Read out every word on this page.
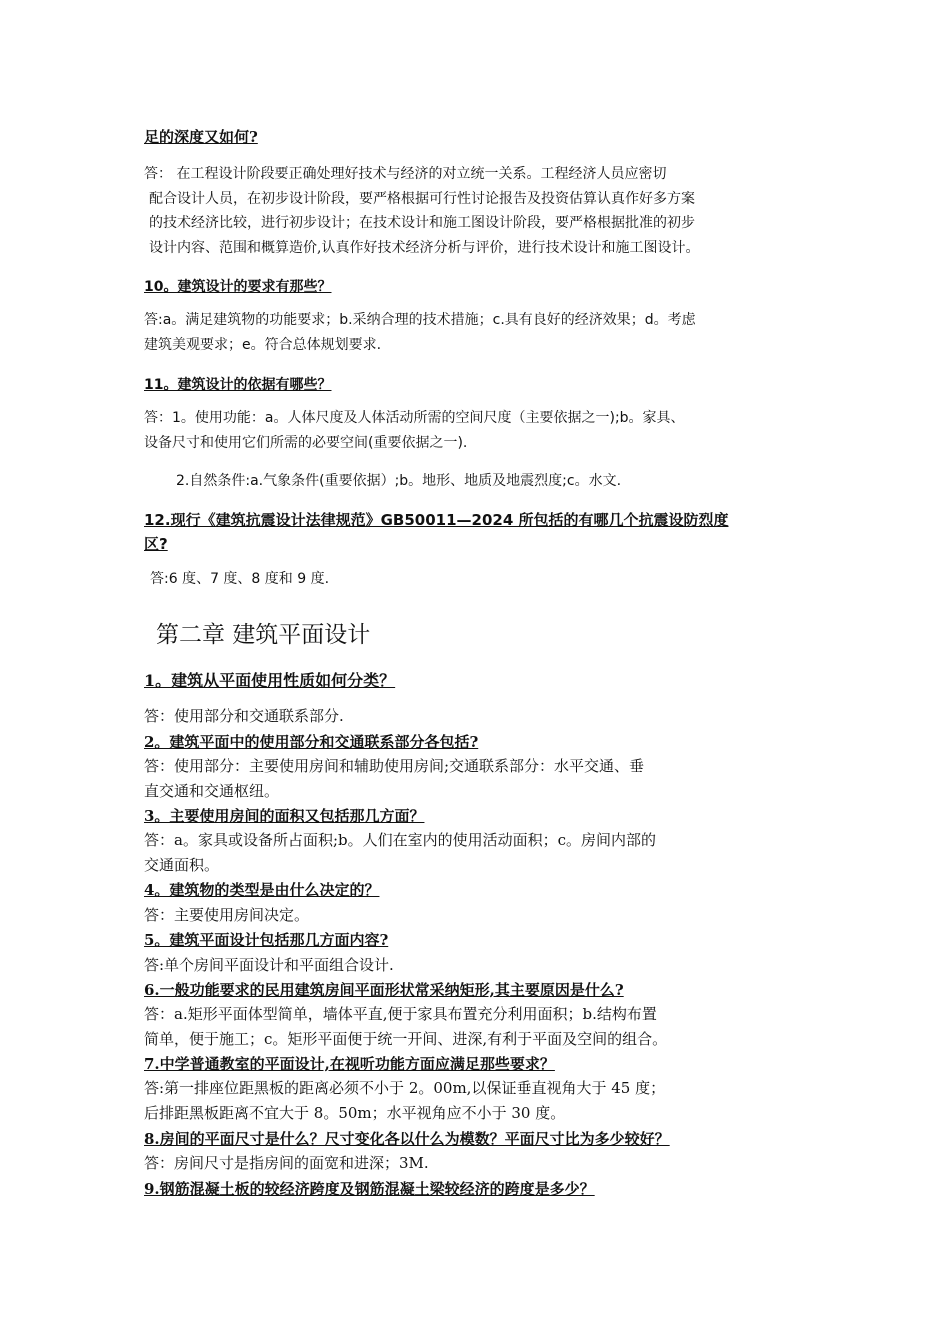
足的深度又如何?
答： 在工程设计阶段要正确处理好技术与经济的对立统一关系。工程经济人员应密切
配合设计人员，在初步设计阶段，要严格根据可行性讨论报告及投资估算认真作好多方案
的技术经济比较，进行初步设计；在技术设计和施工图设计阶段，要严格根据批准的初步
设计内容、范围和概算造价,认真作好技术经济分析与评价，进行技术设计和施工图设计。
10。建筑设计的要求有那些？
答:a。满足建筑物的功能要求；b.采纳合理的技术措施；c.具有良好的经济效果；d。考虑
建筑美观要求；e。符合总体规划要求.
11。建筑设计的依据有哪些？
答：1。使用功能：a。人体尺度及人体活动所需的空间尺度（主要依据之一);b。家具、
设备尺寸和使用它们所需的必要空间(重要依据之一).
2.自然条件:a.气象条件(重要依据）;b。地形、地质及地震烈度;c。水文.
12.现行《建筑抗震设计法律规范》GB50011—2024 所包括的有哪几个抗震设防烈度
区?
答:6 度、7 度、8 度和 9 度.
第二章 建筑平面设计
1。建筑从平面使用性质如何分类？
答：使用部分和交通联系部分.
2。建筑平面中的使用部分和交通联系部分各包括?
答：使用部分：主要使用房间和辅助使用房间;交通联系部分：水平交通、垂
直交通和交通枢纽。
3。主要使用房间的面积又包括那几方面？
答：a。家具或设备所占面积;b。人们在室内的使用活动面积；c。房间内部的
交通面积。
4。建筑物的类型是由什么决定的？
答：主要使用房间决定。
5。建筑平面设计包括那几方面内容?
答:单个房间平面设计和平面组合设计.
6.一般功能要求的民用建筑房间平面形状常采纳矩形,其主要原因是什么?
答：a.矩形平面体型简单，墙体平直,便于家具布置充分利用面积；b.结构布置
简单，便于施工；c。矩形平面便于统一开间、进深,有利于平面及空间的组合。
7.中学普通教室的平面设计,在视听功能方面应满足那些要求？
答:第一排座位距黑板的距离必须不小于 2。00m,以保证垂直视角大于 45 度；
后排距黑板距离不宜大于 8。50m；水平视角应不小于 30 度。
8.房间的平面尺寸是什么？尺寸变化各以什么为模数？平面尺寸比为多少较好？
答：房间尺寸是指房间的面宽和进深；3M.
9.钢筋混凝土板的较经济跨度及钢筋混凝土梁较经济的跨度是多少？
